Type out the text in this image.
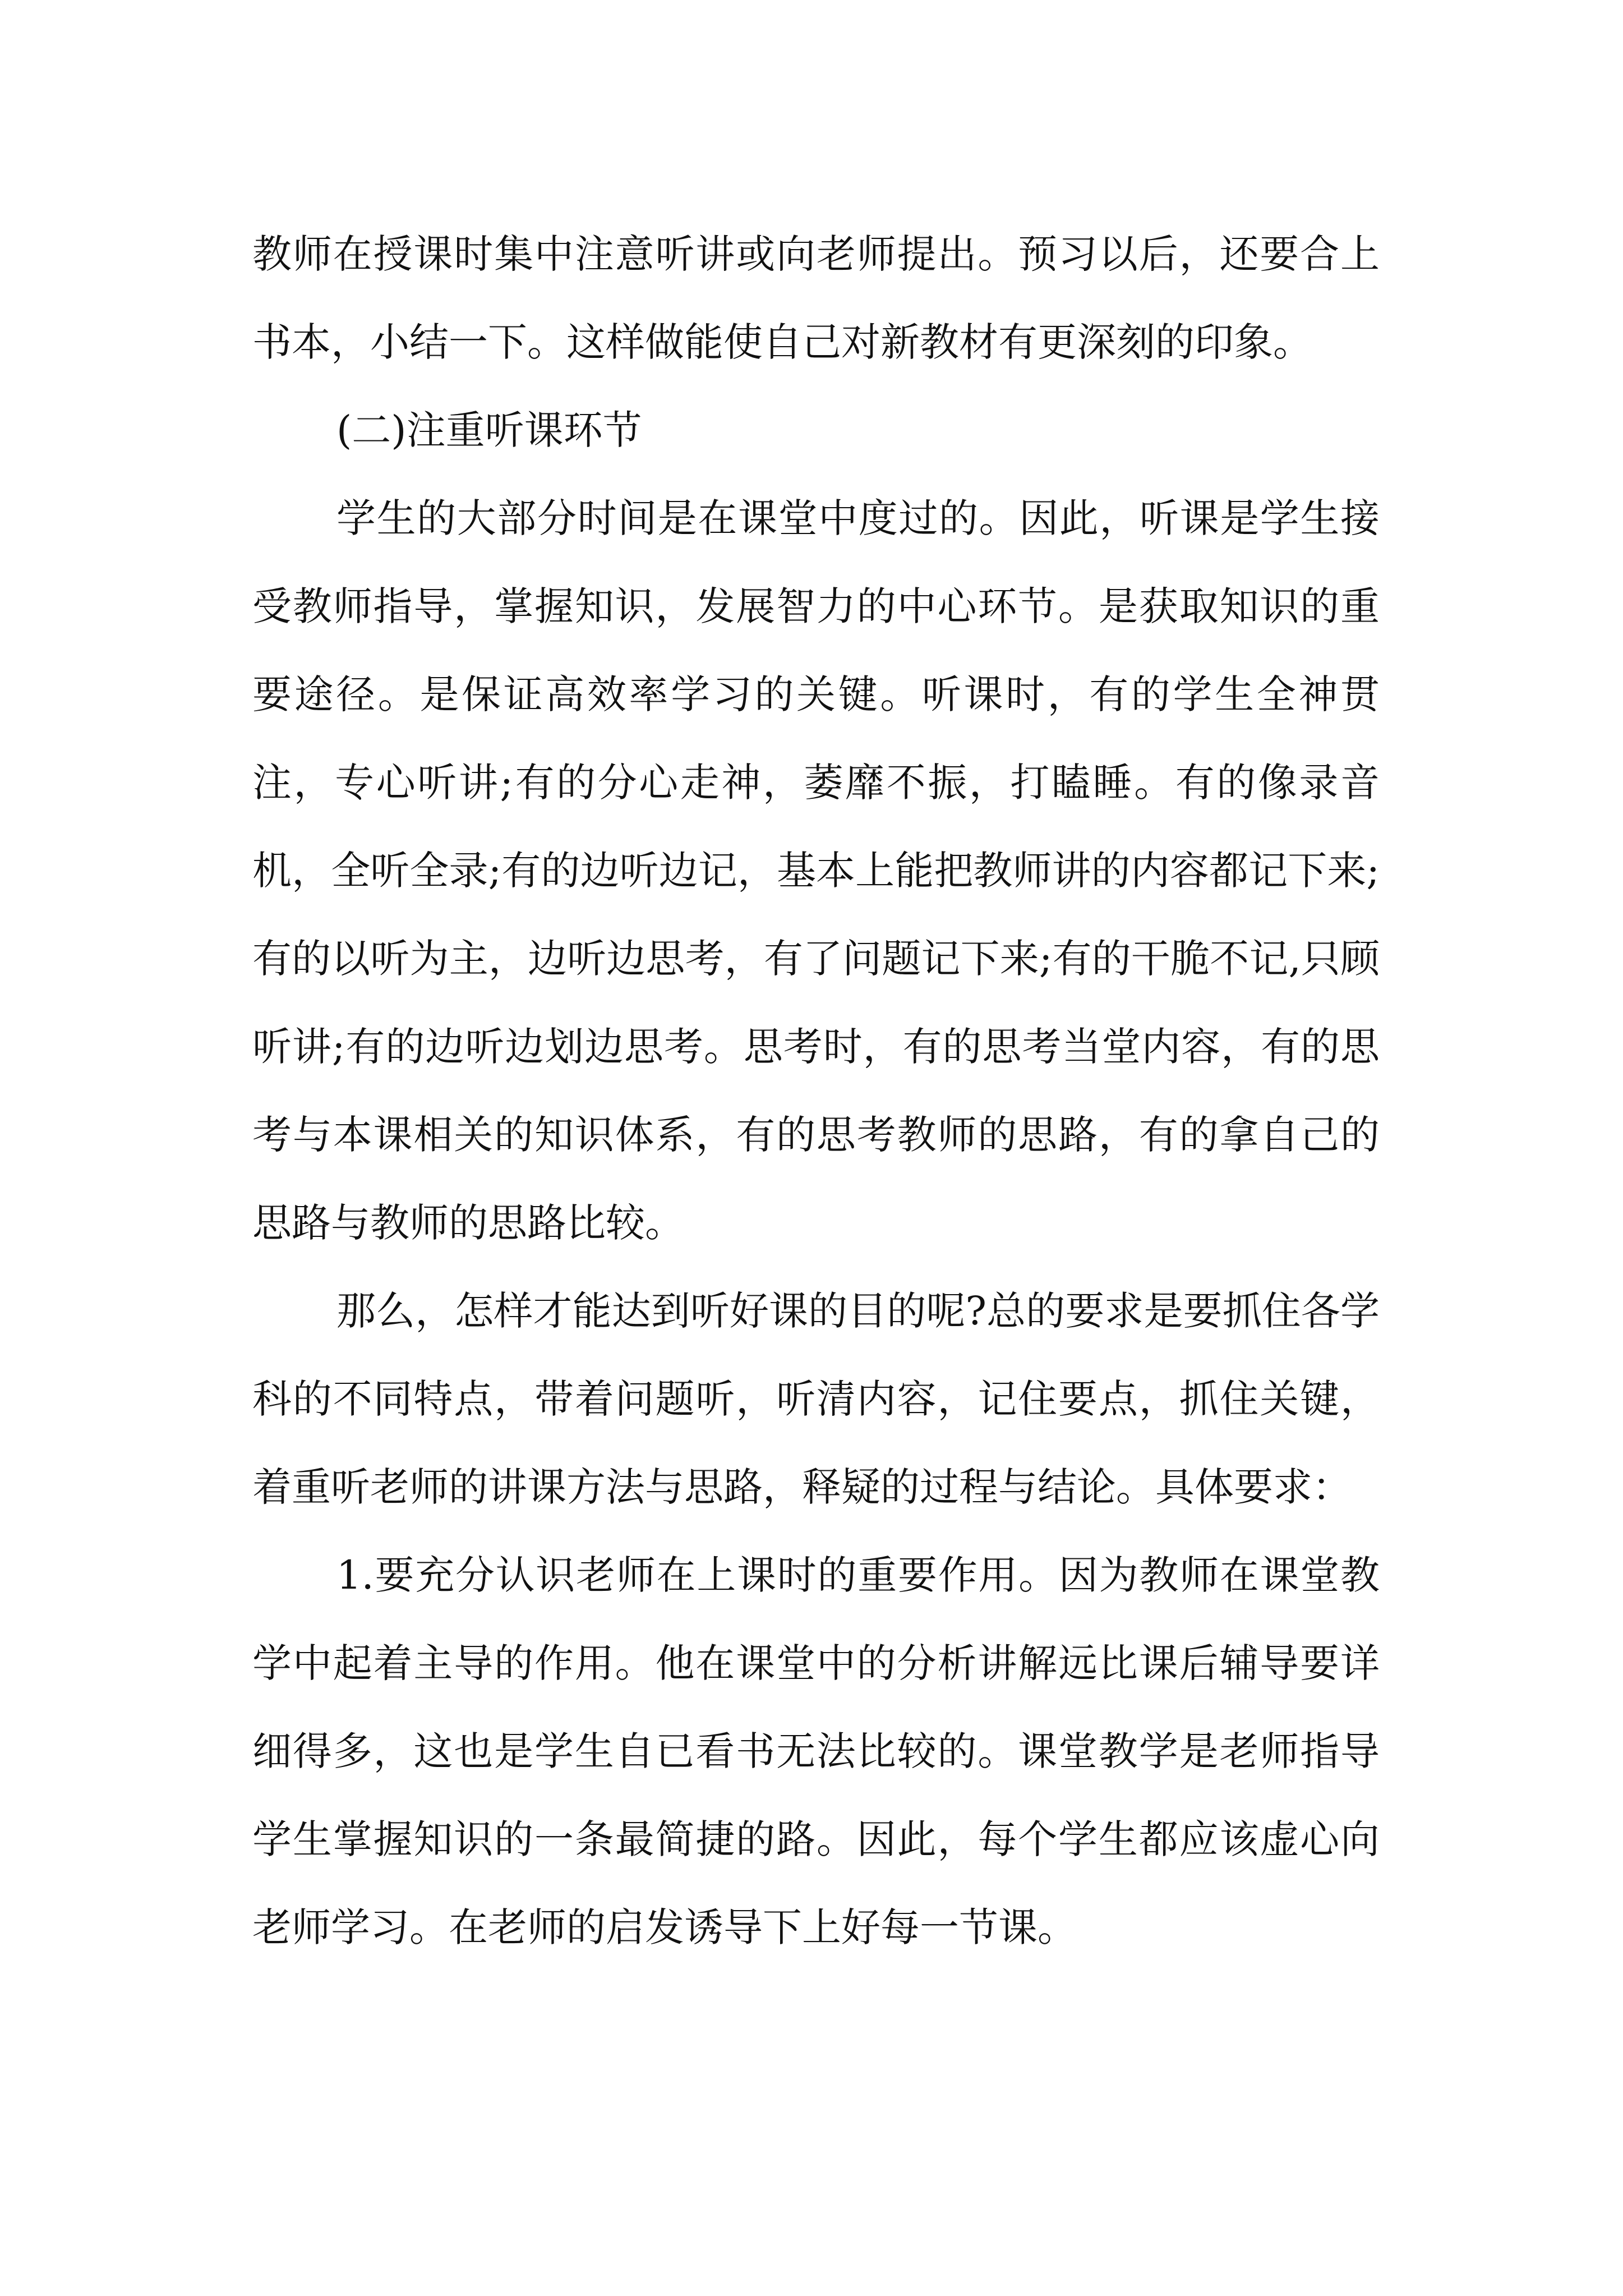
教师在授课时集中注意听讲或向老师提出。预习以后，还要合上书本，小结一下。这样做能使自己对新教材有更深刻的印象。

(二)注重听课环节

学生的大部分时间是在课堂中度过的。因此，听课是学生接受教师指导，掌握知识，发展智力的中心环节。是获取知识的重要途径。是保证高效率学习的关键。听课时，有的学生全神贯注，专心听讲;有的分心走神，萎靡不振，打瞌睡。有的像录音机，全听全录;有的边听边记，基本上能把教师讲的内容都记下来;有的以听为主，边听边思考，有了问题记下来;有的干脆不记,只顾听讲;有的边听边划边思考。思考时，有的思考当堂内容，有的思考与本课相关的知识体系，有的思考教师的思路，有的拿自己的思路与教师的思路比较。

那么，怎样才能达到听好课的目的呢?总的要求是要抓住各学科的不同特点，带着问题听，听清内容，记住要点，抓住关键，着重听老师的讲课方法与思路，释疑的过程与结论。具体要求：

1.要充分认识老师在上课时的重要作用。因为教师在课堂教学中起着主导的作用。他在课堂中的分析讲解远比课后辅导要详细得多，这也是学生自已看书无法比较的。课堂教学是老师指导学生掌握知识的一条最简捷的路。因此，每个学生都应该虚心向老师学习。在老师的启发诱导下上好每一节课。
